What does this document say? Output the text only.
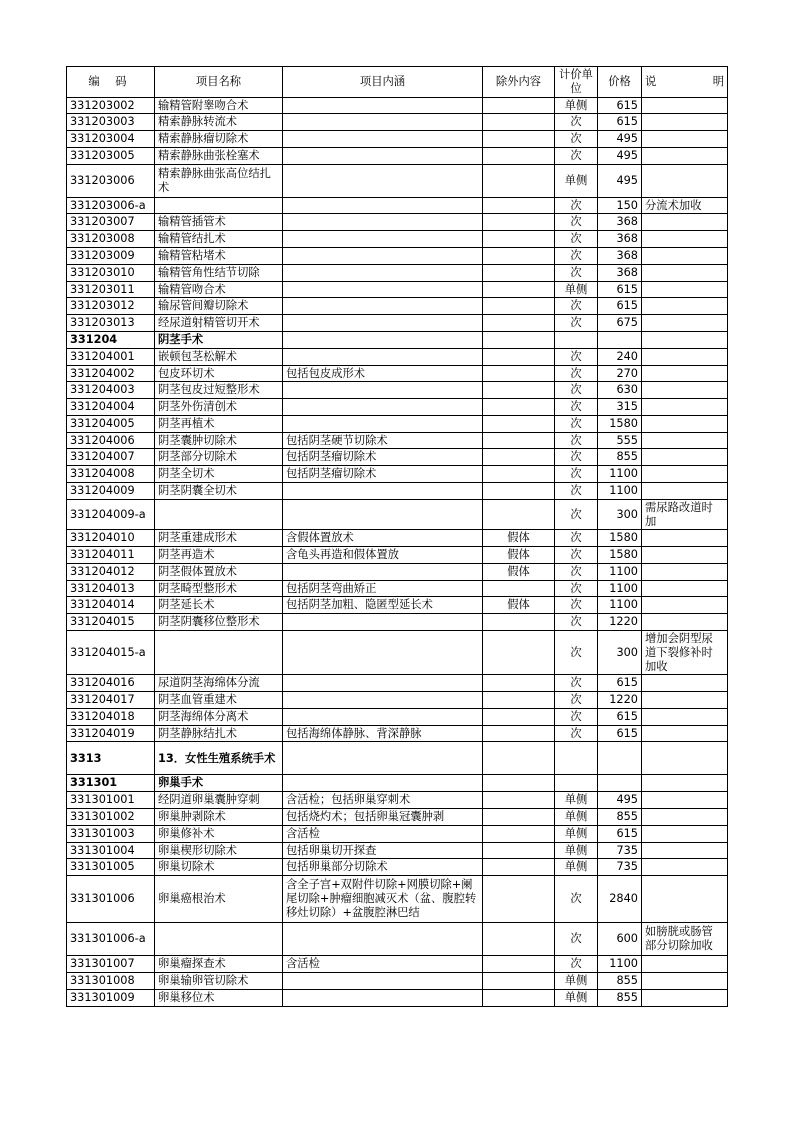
编 码	项目名称	项目内涵	除外内容	计价单位	价格	说 明

331203002	输精管附睾吻合术			单侧	615	
331203003	精索静脉转流术			次	615	
331203004	精索静脉瘤切除术			次	495	
331203005	精索静脉曲张栓塞术			次	495	
331203006	精索静脉曲张高位结扎术			单侧	495	
331203006-a				次	150	分流术加收
331203007	输精管插管术			次	368	
331203008	输精管结扎术			次	368	
331203009	输精管粘堵术			次	368	
331203010	输精管角性结节切除			次	368	
331203011	输精管吻合术			单侧	615	
331203012	输尿管间瓣切除术			次	615	
331203013	经尿道射精管切开术			次	675	
331204	阴茎手术					
331204001	嵌顿包茎松解术			次	240	
331204002	包皮环切术	包括包皮成形术		次	270	
331204003	阴茎包皮过短整形术			次	630	
331204004	阴茎外伤清创术			次	315	
331204005	阴茎再植术			次	1580	
331204006	阴茎囊肿切除术	包括阴茎硬节切除术		次	555	
331204007	阴茎部分切除术	包括阴茎瘤切除术		次	855	
331204008	阴茎全切术	包括阴茎瘤切除术		次	1100	
331204009	阴茎阴囊全切术			次	1100	
331204009-a				次	300	需尿路改道时加
331204010	阴茎重建成形术	含假体置放术	假体	次	1580	
331204011	阴茎再造术	含龟头再造和假体置放	假体	次	1580	
331204012	阴茎假体置放术		假体	次	1100	
331204013	阴茎畸型整形术	包括阴茎弯曲矫正		次	1100	
331204014	阴茎延长术	包括阴茎加粗、隐匿型延长术	假体	次	1100	
331204015	阴茎阴囊移位整形术			次	1220	
331204015-a				次	300	增加会阴型尿道下裂修补时加收
331204016	尿道阴茎海绵体分流			次	615	
331204017	阴茎血管重建术			次	1220	
331204018	阴茎海绵体分离术			次	615	
331204019	阴茎静脉结扎术	包括海绵体静脉、背深静脉		次	615	
3313	13．女性生殖系统手术					
331301	卵巢手术					
331301001	经阴道卵巢囊肿穿刺	含活检；包括卵巢穿刺术		单侧	495	
331301002	卵巢肿剥除术	包括烧灼术；包括卵巢冠囊肿剥		单侧	855	
331301003	卵巢修补术	含活检		单侧	615	
331301004	卵巢楔形切除术	包括卵巢切开探查		单侧	735	
331301005	卵巢切除术	包括卵巢部分切除术		单侧	735	
331301006	卵巢癌根治术	含全子宫+双附件切除+网膜切除+阑尾切除+肿瘤细胞减灭术（盆、腹腔转移灶切除）+盆腹腔淋巴结		次	2840	
331301006-a				次	600	如膀胱或肠管部分切除加收
331301007	卵巢瘤探查术	含活检		次	1100	
331301008	卵巢输卵管切除术			单侧	855	
331301009	卵巢移位术			单侧	855	
